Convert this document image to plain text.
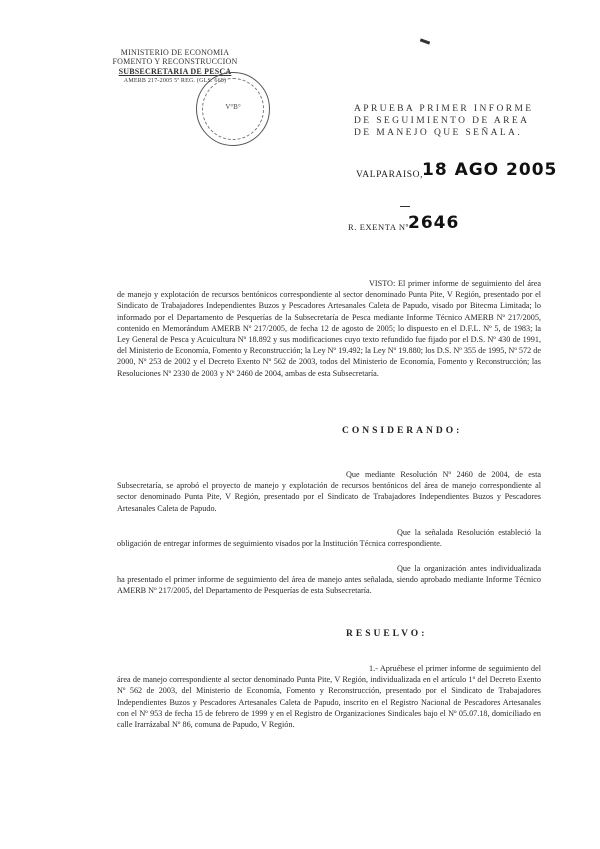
MINISTERIO DE ECONOMIA
FOMENTO Y RECONSTRUCCION
SUBSECRETARIA DE PESCA
AMERB 217-2005 5ª REG. (GLS. 668)
V°B°	APRUEBA PRIMER INFORME DE SEGUIMIENTO DE AREA DE MANEJO QUE SEÑALA.
VALPARAISO,
18 AGO 2005
R. EXENTA Nº 2646

VISTO: El primer informe de seguimiento del área de manejo y explotación de recursos bentónicos correspondiente al sector denominado Punta Pite, V Región, presentado por el Sindicato de Trabajadores Independientes Buzos y Pescadores Artesanales Caleta de Papudo, visado por Bitecma Limitada; lo informado por el Departamento de Pesquerías de la Subsecretaría de Pesca mediante Informe Técnico AMERB Nº 217/2005, contenido en Memorándum AMERB Nº 217/2005, de fecha 12 de agosto de 2005; lo dispuesto en el D.F.L. Nº 5, de 1983; la Ley General de Pesca y Acuicultura Nº 18.892 y sus modificaciones cuyo texto refundido fue fijado por el D.S. Nº 430 de 1991, del Ministerio de Economía, Fomento y Reconstrucción; la Ley Nº 19.492; la Ley Nº 19.880; los D.S. Nº 355 de 1995, Nº 572 de 2000, Nº 253 de 2002 y el Decreto Exento Nº 562 de 2003, todos del Ministerio de Economía, Fomento y Reconstrucción; las Resoluciones Nº 2330 de 2003 y Nº 2460 de 2004, ambas de esta Subsecretaría.

CONSIDERANDO:

Que mediante Resolución Nº 2460 de 2004, de esta Subsecretaría, se aprobó el proyecto de manejo y explotación de recursos bentónicos del área de manejo correspondiente al sector denominado Punta Pite, V Región, presentado por el Sindicato de Trabajadores Independientes Buzos y Pescadores Artesanales Caleta de Papudo.

Que la señalada Resolución estableció la obligación de entregar informes de seguimiento visados por la Institución Técnica correspondiente.

Que la organización antes individualizada ha presentado el primer informe de seguimiento del área de manejo antes señalada, siendo aprobado mediante Informe Técnico AMERB Nº 217/2005, del Departamento de Pesquerías de esta Subsecretaría.

RESUELVO:

1.- Apruébese el primer informe de seguimiento del área de manejo correspondiente al sector denominado Punta Pite, V Región, individualizada en el artículo 1º del Decreto Exento Nº 562 de 2003, del Ministerio de Economía, Fomento y Reconstrucción, presentado por el Sindicato de Trabajadores Independientes Buzos y Pescadores Artesanales Caleta de Papudo, inscrito en el Registro Nacional de Pescadores Artesanales con el Nº 953 de fecha 15 de febrero de 1999 y en el Registro de Organizaciones Sindicales bajo el Nº 05.07.18, domiciliado en calle Irarrázabal Nº 86, comuna de Papudo, V Región.
